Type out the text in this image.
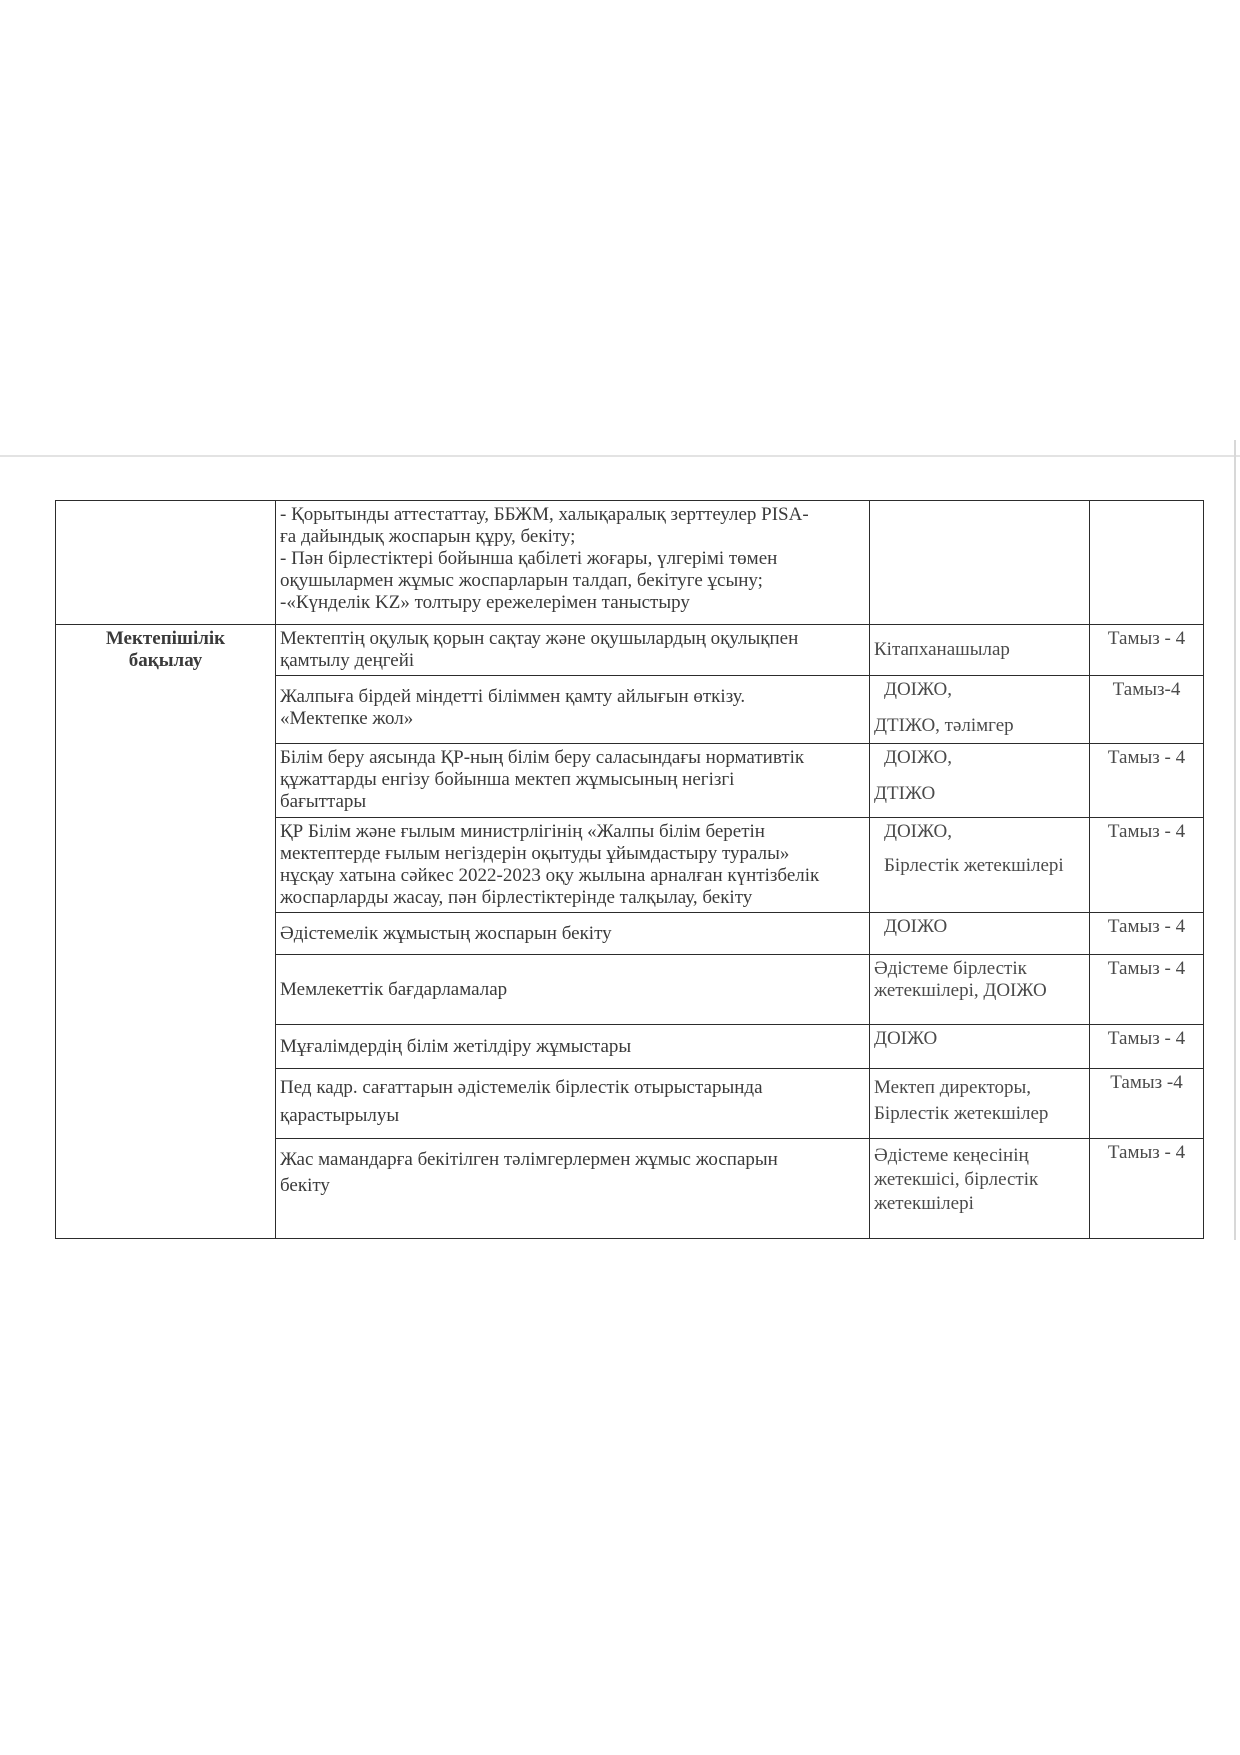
	- Қорытынды аттестаттау, ББЖМ, халықаралық зерттеулер PISA-
ға дайындық жоспарын құру, бекіту;
- Пән бірлестіктері бойынша қабілеті жоғары, үлгерімі төмен
оқушылармен жұмыс жоспарларын талдап, бекітуге ұсыну;
-«Күнделік KZ» толтыру ережелерімен таныстыру		

Мектепішілік
бақылау	Мектептің оқулық қорын сақтау және оқушылардың оқулықпен
қамтылу деңгейі	Кітапханашылар	Тамыз - 4

	Жалпыға бірдей міндетті біліммен қамту айлығын өткізу.
«Мектепке жол»	ДОІЖО,
ДТІЖО, тәлімгер	Тамыз-4

	Білім беру аясында ҚР-ның білім беру саласындағы нормативтік
құжаттарды енгізу бойынша мектеп жұмысының негізгі
бағыттары	ДОІЖО,
ДТІЖО	Тамыз - 4

	ҚР Білім және ғылым министрлігінің «Жалпы білім беретін
мектептерде ғылым негіздерін оқытуды ұйымдастыру туралы»
нұсқау хатына сәйкес 2022-2023 оқу жылына арналған күнтізбелік
жоспарларды жасау, пән бірлестіктерінде талқылау, бекіту	ДОІЖО,
Бірлестік жетекшілері	Тамыз - 4

	Әдістемелік жұмыстың жоспарын бекіту	ДОІЖО	Тамыз - 4

	Мемлекеттік бағдарламалар	Әдістеме бірлестік
жетекшілері, ДОІЖО	Тамыз - 4

	Мұғалімдердің білім жетілдіру жұмыстары	ДОІЖО	Тамыз - 4

	Пед кадр. сағаттарын әдістемелік бірлестік отырыстарында
қарастырылуы	Мектеп директоры,
Бірлестік жетекшілер	Тамыз -4

	Жас мамандарға бекітілген тәлімгерлермен жұмыс жоспарын
бекіту	Әдістеме кеңесінің
жетекшісі, бірлестік
жетекшілері	Тамыз - 4
